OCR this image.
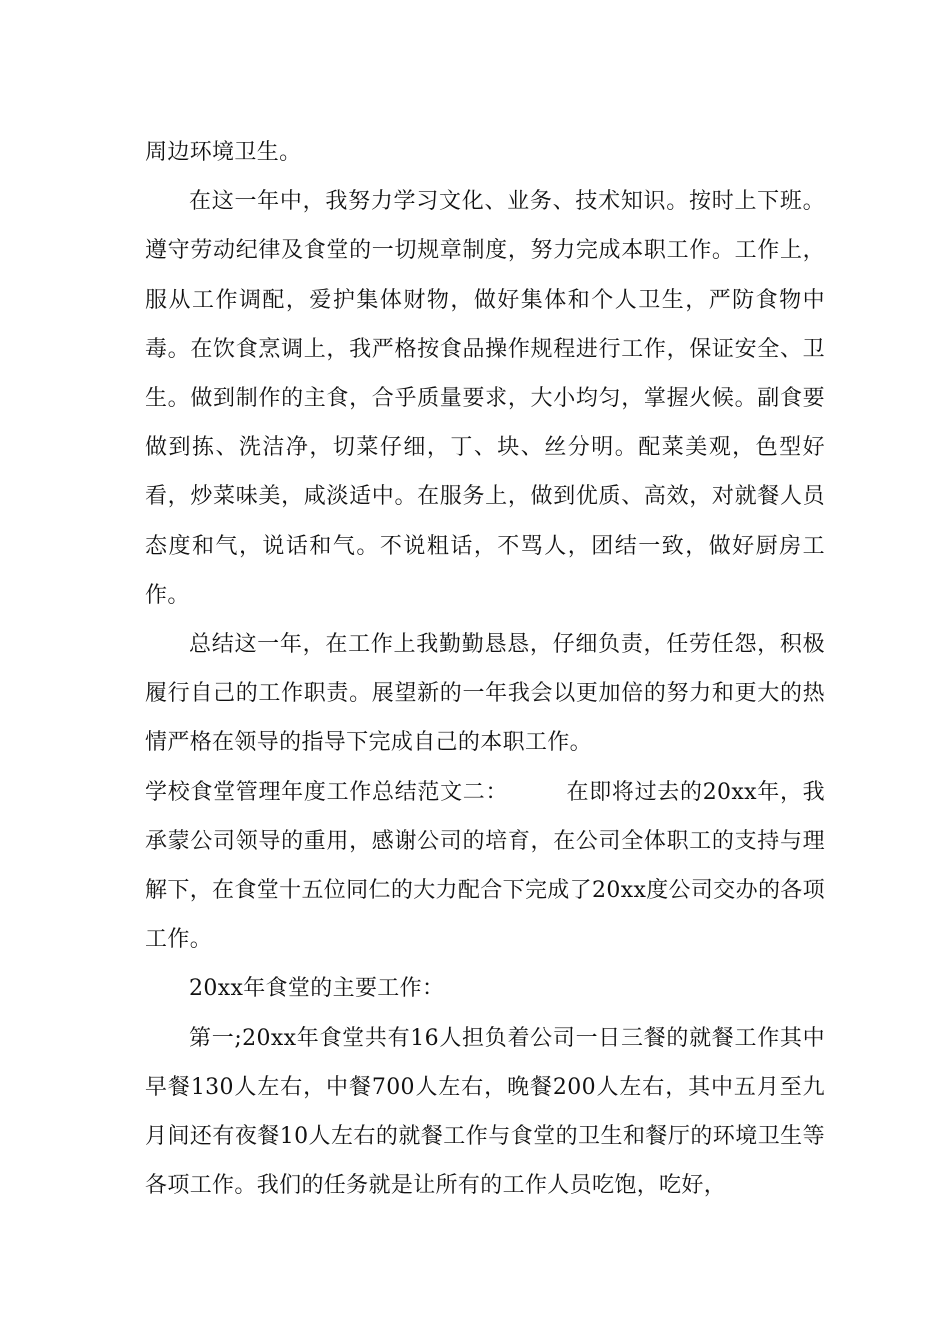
周边环境卫生。

在这一年中，我努力学习文化、业务、技术知识。按时上下班。遵守劳动纪律及食堂的一切规章制度，努力完成本职工作。工作上，服从工作调配，爱护集体财物，做好集体和个人卫生，严防食物中毒。在饮食烹调上，我严格按食品操作规程进行工作，保证安全、卫生。做到制作的主食，合乎质量要求，大小均匀，掌握火候。副食要做到拣、洗洁净，切菜仔细，丁、块、丝分明。配菜美观，色型好看，炒菜味美，咸淡适中。在服务上，做到优质、高效，对就餐人员态度和气，说话和气。不说粗话，不骂人，团结一致，做好厨房工作。

总结这一年，在工作上我勤勤恳恳，仔细负责，任劳任怨，积极履行自己的工作职责。展望新的一年我会以更加倍的努力和更大的热情严格在领导的指导下完成自己的本职工作。

学校食堂管理年度工作总结范文二：	在即将过去的20xx年，我承蒙公司领导的重用，感谢公司的培育，在公司全体职工的支持与理解下，在食堂十五位同仁的大力配合下完成了20xx度公司交办的各项工作。

20xx年食堂的主要工作：

第一;20xx年食堂共有16人担负着公司一日三餐的就餐工作其中早餐130人左右，中餐700人左右，晚餐200人左右，其中五月至九月间还有夜餐10人左右的就餐工作与食堂的卫生和餐厅的环境卫生等各项工作。我们的任务就是让所有的工作人员吃饱，吃好，
